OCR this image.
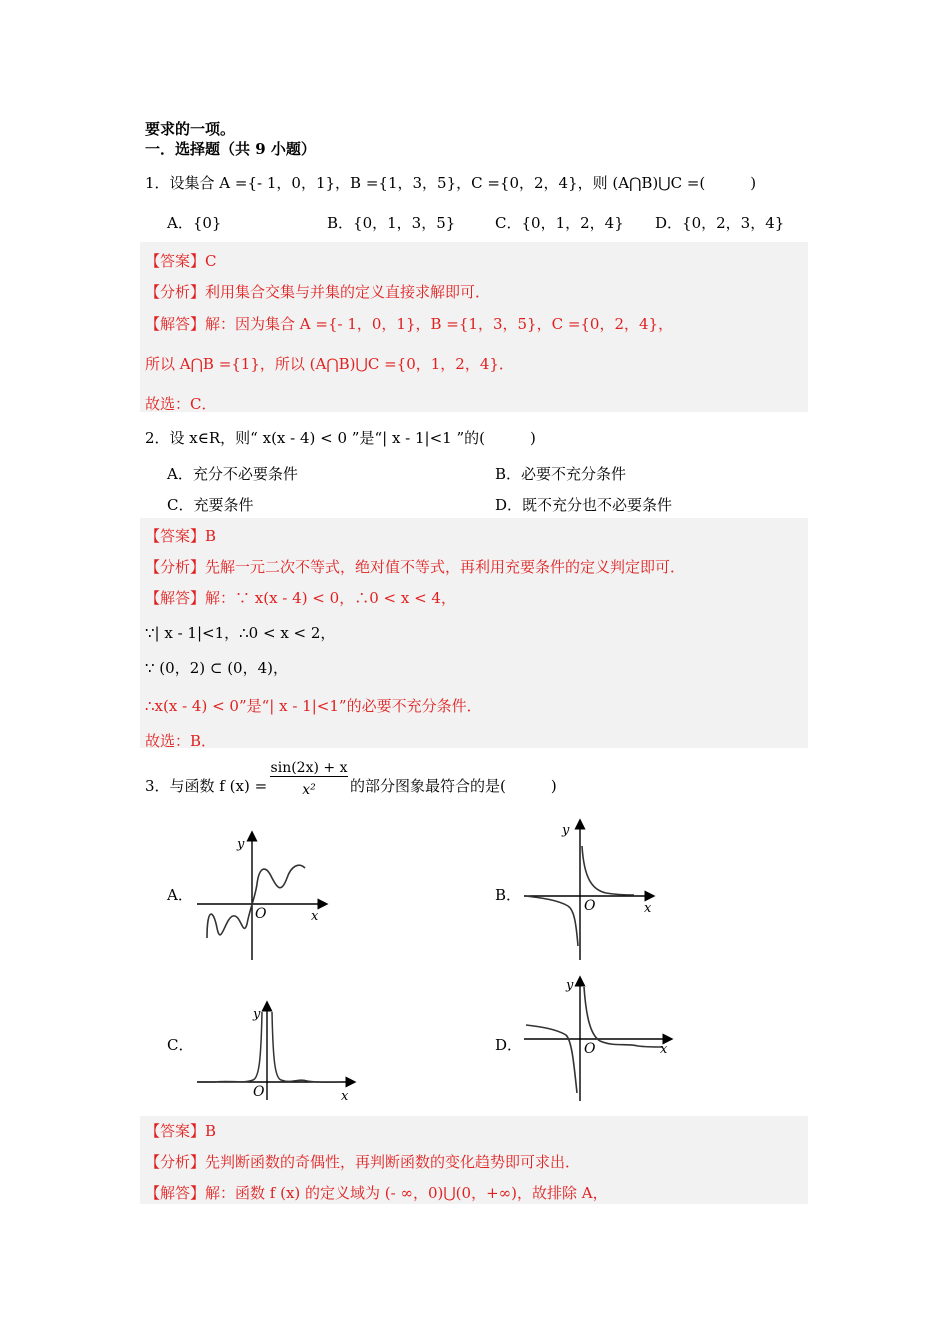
要求的一项。
一．选择题（共 9 小题）
1．设集合 A ={- 1，0，1}，B ={1，3，5}，C ={0，2，4}，则 (A⋂B)⋃C =(　　　)
A．{0}	B．{0，1，3，5}	C．{0，1，2，4} D．{0，2，3，4}
【答案】C
【分析】利用集合交集与并集的定义直接求解即可．
【解答】解：因为集合 A ={- 1，0，1}，B ={1，3，5}，C ={0，2，4}，
所以 A⋂B ={1}，所以 (A⋂B)⋃C ={0，1，2，4}．
故选：C．
2．设 x∈R，则“ x(x - 4) < 0 ”是“| x - 1|<1 ”的(　　　)
A．充分不必要条件	B．必要不充分条件
C．充要条件	D．既不充分也不必要条件
【答案】B
【分析】先解一元二次不等式，绝对值不等式，再利用充要条件的定义判定即可．
【解答】解：∵ x(x - 4) < 0，∴0 < x < 4，
∵| x - 1|<1，∴0 < x < 2，
∵ (0，2) ⊂ (0，4)，
∴x(x - 4) < 0”是“| x - 1|<1”的必要不充分条件．
故选：B．
3．与函数 f (x) =
sin(2x) + x
x²	的部分图象最符合的是(　　　)
A．	B．
C．	D．
O	x
y
O	x
y
O	x
y
O	x
y
【答案】B
【分析】先判断函数的奇偶性，再判断函数的变化趋势即可求出．
【解答】解：函数 f (x) 的定义域为 (- ∞，0)⋃(0，+∞)，故排除 A，
